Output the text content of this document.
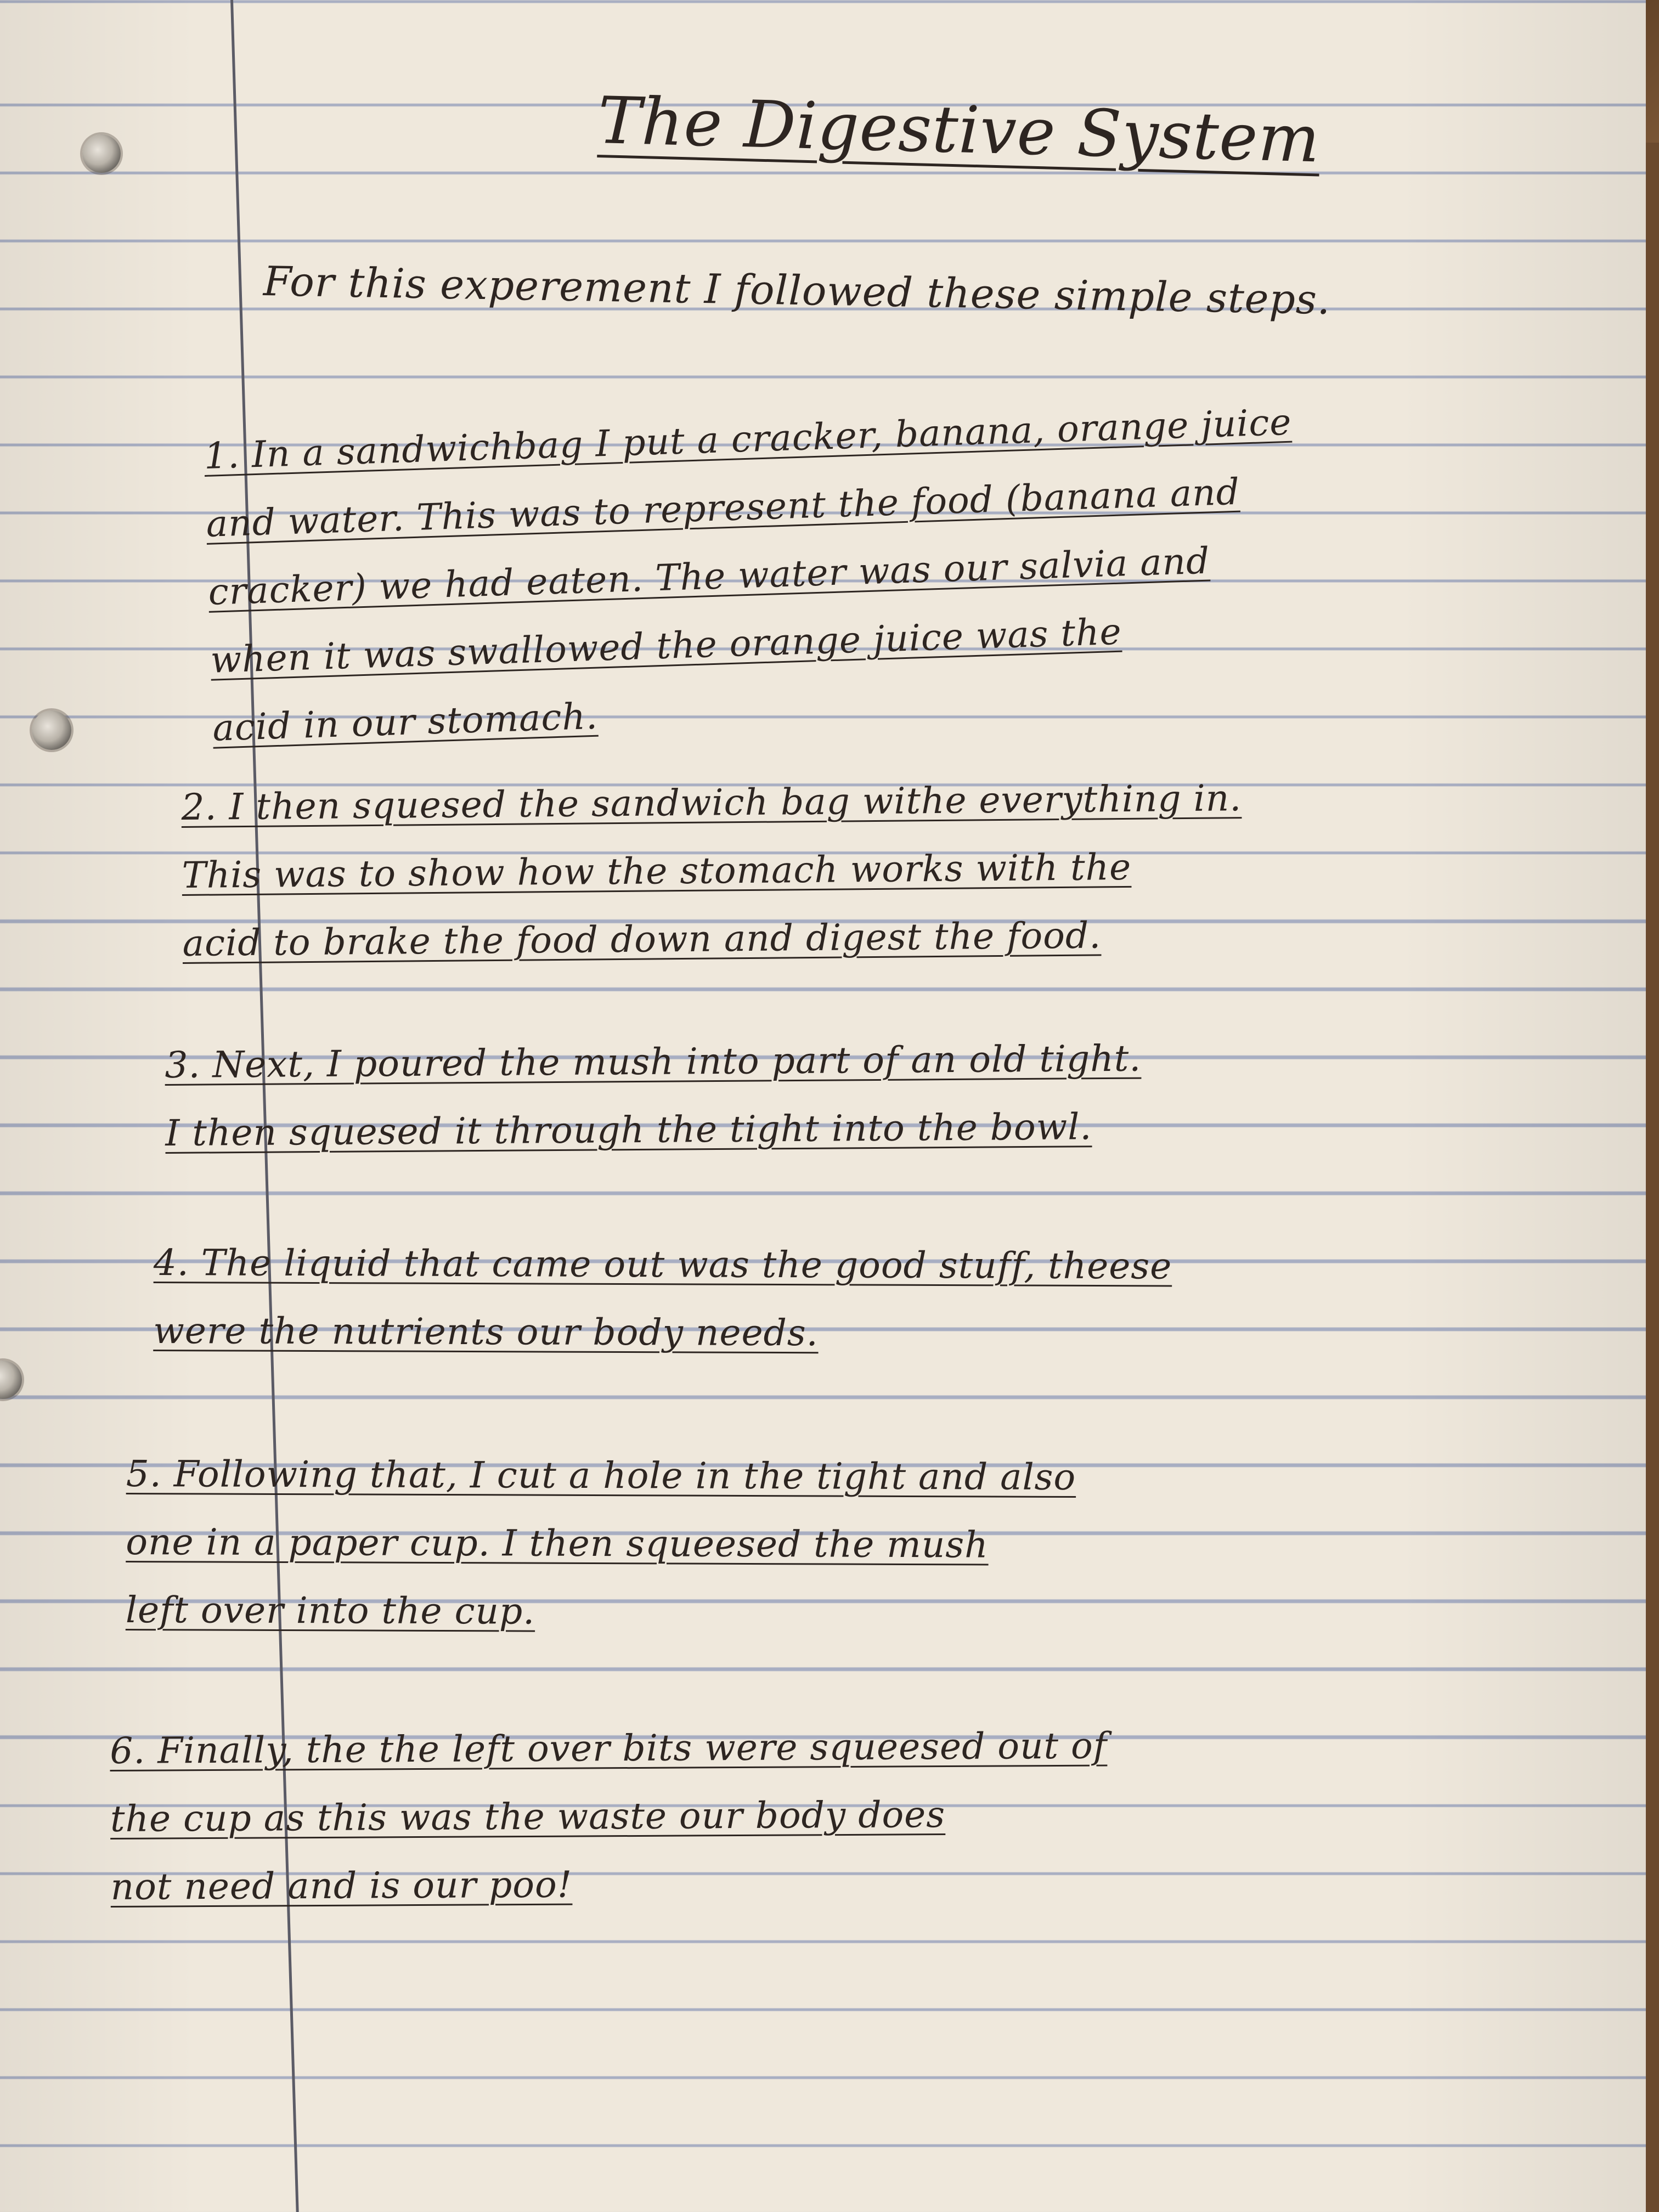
The Digestive System
For this experement I followed these simple steps.
1. In a sandwichbag I put a cracker, banana, orange juice
and water. This was to represent the food (banana and
cracker) we had eaten. The water was our salvia and
when it was swallowed the orange juice was the
acid in our stomach.
2. I then squesed the sandwich bag withe everything in.
This was to show how the stomach works with the
acid to brake the food down and digest the food.
3. Next, I poured the mush into part of an old tight.
I then squesed it through the tight into the bowl.
4. The liquid that came out was the good stuff, theese
were the nutrients our body needs.
5. Following that, I cut a hole in the tight and also
one in a paper cup. I then squeesed the mush
left over into the cup.
6. Finally, the the left over bits were squeesed out of
the cup as this was the waste our body does
not need and is our poo!
